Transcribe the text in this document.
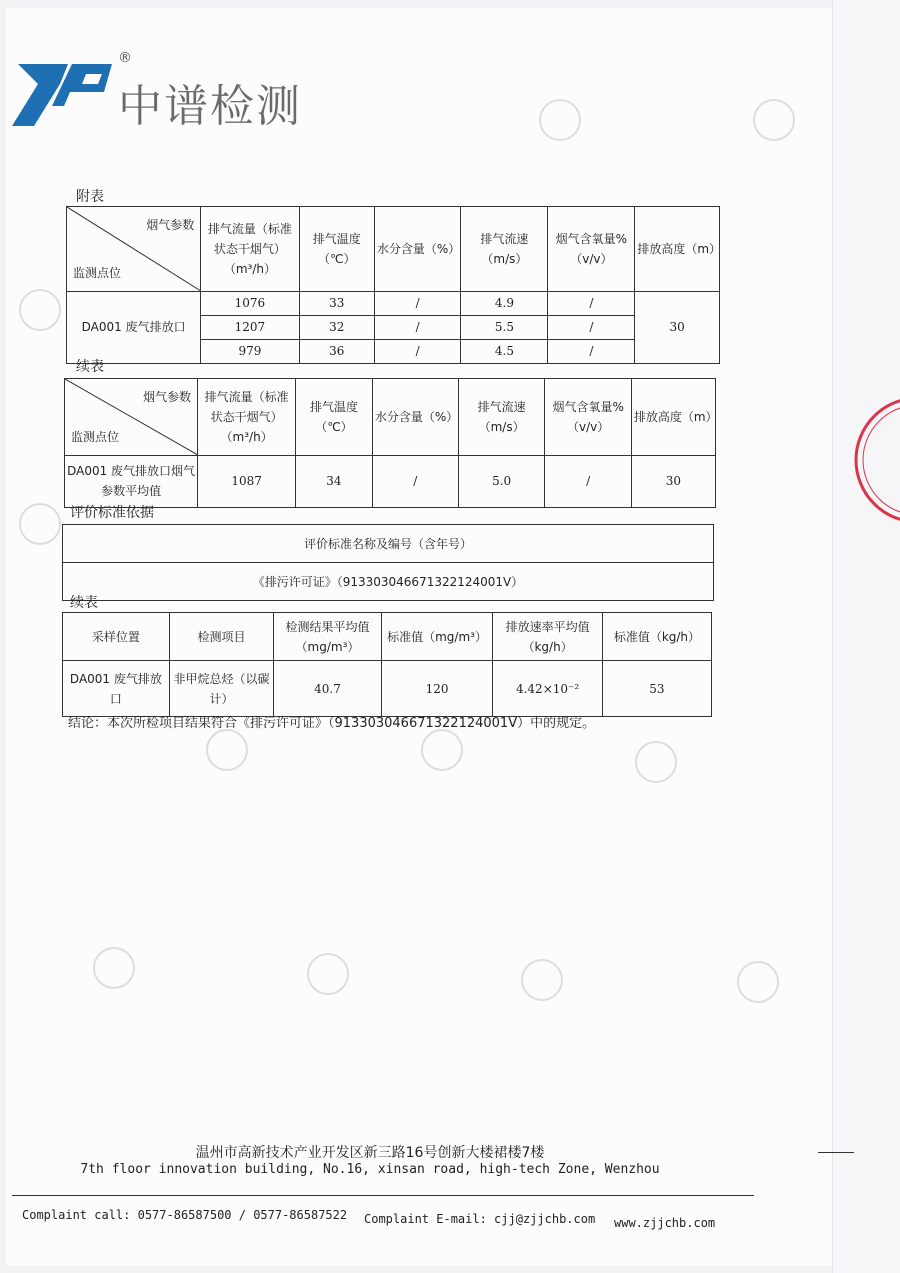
®
中谱检测
附表
烟气参数
监测点位	排气流量（标准状态干烟气）（m³/h）	排气温度（℃）	水分含量（%）	排气流速（m/s）	烟气含氧量%（v/v）	排放高度（m）
DA001 废气排放口	1076	33	/	4.9	/	30
	1207	32	/	5.5	/	
	979	36	/	4.5	/	
续表
烟气参数
监测点位	排气流量（标准状态干烟气）（m³/h）	排气温度（℃）	水分含量（%）	排气流速（m/s）	烟气含氧量%（v/v）	排放高度（m）
DA001 废气排放口烟气参数平均值	1087	34	/	5.0	/	30
评价标准依据
评价标准名称及编号（含年号）
《排污许可证》（91330304667132212400​1V）
续表
采样位置	检测项目	检测结果平均值（mg/m³）	标准值（mg/m³）	排放速率平均值（kg/h）	标准值（kg/h）
DA001 废气排放口	非甲烷总烃（以碳计）	40.7	120	4.42×10⁻²	53
结论：本次所检项目结果符合《排污许可证》（913303046671322124001V）中的规定。
温州市高新技术产业开发区新三路16号创新大楼裙楼7楼
7th floor innovation building, No.16, xinsan road, high-tech Zone, Wenzhou
Complaint call: 0577-86587500 / 0577-86587522 Complaint E-mail: cjj@zjjchb.com www.zjjchb.com
